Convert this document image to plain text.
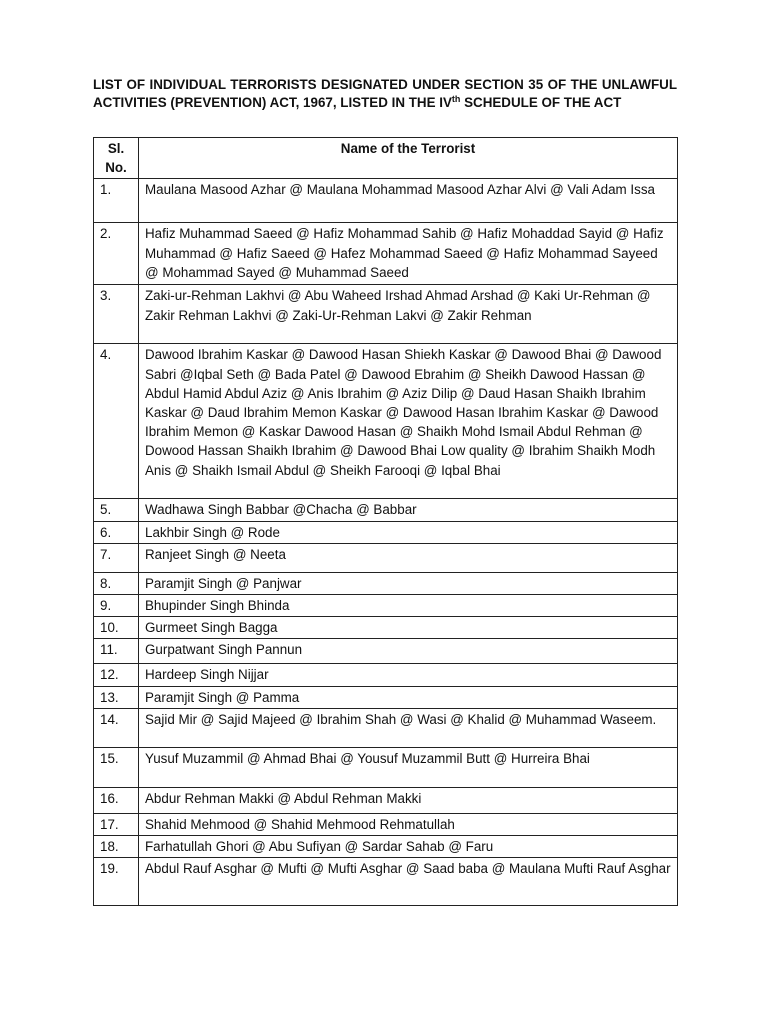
LIST OF INDIVIDUAL TERRORISTS DESIGNATED UNDER SECTION 35 OF THE UNLAWFUL ACTIVITIES (PREVENTION) ACT, 1967, LISTED IN THE IVth SCHEDULE OF THE ACT
Sl. No.	Name of the Terrorist
1.	Maulana Masood Azhar @ Maulana Mohammad Masood Azhar Alvi @ Vali Adam Issa
2.	Hafiz Muhammad Saeed @ Hafiz Mohammad Sahib @ Hafiz Mohaddad Sayid @ Hafiz Muhammad @ Hafiz Saeed @ Hafez Mohammad Saeed @ Hafiz Mohammad Sayeed @ Mohammad Sayed @ Muhammad Saeed
3.	Zaki-ur-Rehman Lakhvi @ Abu Waheed Irshad Ahmad Arshad @ Kaki Ur-Rehman @ Zakir Rehman Lakhvi @ Zaki-Ur-Rehman Lakvi @ Zakir Rehman
4.	Dawood Ibrahim Kaskar @ Dawood Hasan Shiekh Kaskar @ Dawood Bhai @ Dawood Sabri @Iqbal Seth @ Bada Patel @ Dawood Ebrahim @ Sheikh Dawood Hassan @ Abdul Hamid Abdul Aziz @ Anis Ibrahim @ Aziz Dilip @ Daud Hasan Shaikh Ibrahim Kaskar @ Daud Ibrahim Memon Kaskar @ Dawood Hasan Ibrahim Kaskar @ Dawood Ibrahim Memon @ Kaskar Dawood Hasan @ Shaikh Mohd Ismail Abdul Rehman @ Dowood Hassan Shaikh Ibrahim @ Dawood Bhai Low quality @ Ibrahim Shaikh Modh Anis @ Shaikh Ismail Abdul @ Sheikh Farooqi @ Iqbal Bhai
5.	Wadhawa Singh Babbar @Chacha @ Babbar
6.	Lakhbir Singh @ Rode
7.	Ranjeet Singh @ Neeta
8.	Paramjit Singh @ Panjwar
9.	Bhupinder Singh Bhinda
10.	Gurmeet Singh Bagga
11.	Gurpatwant Singh Pannun
12.	Hardeep Singh Nijjar
13.	Paramjit Singh @ Pamma
14.	Sajid Mir @ Sajid Majeed @ Ibrahim Shah @ Wasi @ Khalid @ Muhammad Waseem.
15.	Yusuf Muzammil @ Ahmad Bhai @ Yousuf Muzammil Butt @ Hurreira Bhai
16.	Abdur Rehman Makki @ Abdul Rehman Makki
17.	Shahid Mehmood @ Shahid Mehmood Rehmatullah
18.	Farhatullah Ghori @ Abu Sufiyan @ Sardar Sahab @ Faru
19.	Abdul Rauf Asghar @ Mufti @ Mufti Asghar @ Saad baba @ Maulana Mufti Rauf Asghar
